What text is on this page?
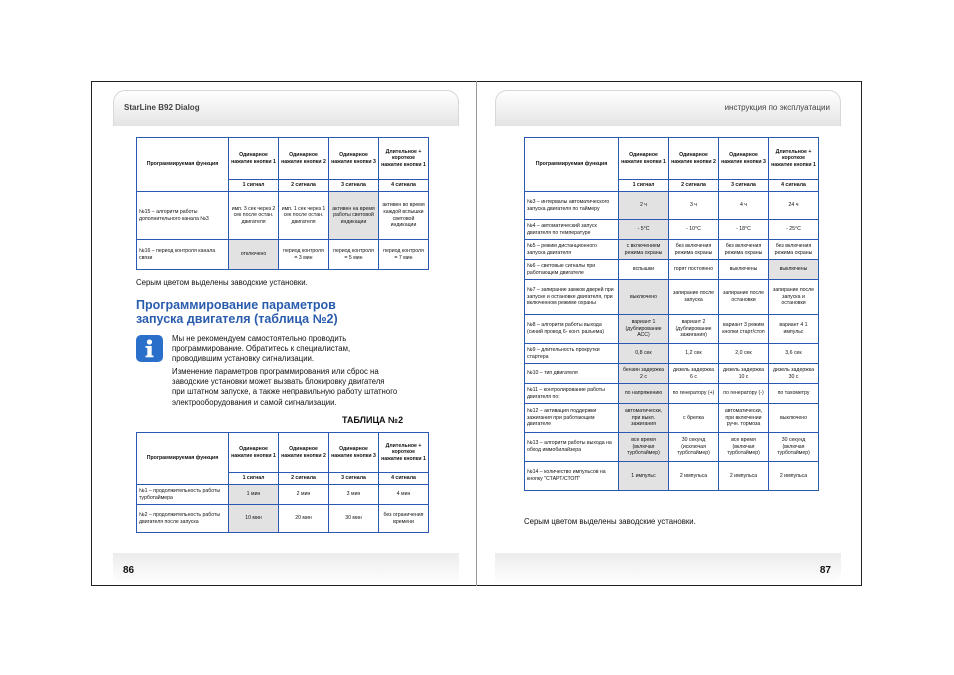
StarLine B92 Dialog	инструкция по эксплуатации
Программируемая функция	Одинарное нажатие кнопки 1	Одинарное нажатие кнопки 2	Одинарное нажатие кнопки 3	Длительное + короткое нажатие кнопки 1
	1 сигнал	2 сигнала	3 сигнала	4 сигнала
№15 – алгоритм работы дополнительного канала №3	имп. 3 сек через 2 сек после остан. двигателя	имп. 1 сек через 1 сек после остан. двигателя	активен на время работы световой индикации	активен во время каждой вспышки световой индикации
№16 – период контроля канала связи	отключено	период контроля = 3 мин	период контроля = 5 мин	период контроля = 7 мин
Серым цветом выделены заводские установки.
Программирование параметров
запуска двигателя (таблица №2)
Мы не рекомендуем самостоятельно проводить
программирование. Обратитесь к специалистам,
проводившим установку сигнализации.
Изменение параметров программирования или сброс на
заводские установки может вызвать блокировку двигателя
при штатном запуске, а также неправильную работу штатного
электрооборудования и самой сигнализации.
ТАБЛИЦА №2
Программируемая функция	Одинарное нажатие кнопки 1	Одинарное нажатие кнопки 2	Одинарное нажатие кнопки 3	Длительное + короткое нажатие кнопки 1
	1 сигнал	2 сигнала	3 сигнала	4 сигнала
№1 – продолжительность работы турботаймера	1 мин	2 мин	3 мин	4 мин
№2 – продолжительность работы двигателя после запуска	10 мин	20 мин	30 мин	без ограничения времени
Программируемая функция	Одинарное нажатие кнопки 1	Одинарное нажатие кнопки 2	Одинарное нажатие кнопки 3	Длительное + короткое нажатие кнопки 1
	1 сигнал	2 сигнала	3 сигнала	4 сигнала
№3 – интервалы автоматического запуска двигателя по таймеру	2 ч	3 ч	4 ч	24 ч
№4 – автоматический запуск двигателя по температуре	- 5°С	- 10°С	- 18°С	- 25°С
№5 – режим дистанционного запуска двигателя	с включением режима охраны	без включения режима охраны	без включения режима охраны	без включения режима охраны
№6 – световые сигналы при работающем двигателе	вспышки	горят постоянно	выключены	выключены
№7 – запирание замков дверей при запуске и остановке двигателя, при включенном режиме охраны	выключено	запирание после запуска	запирание после остановки	запирание после запуска и остановки
№8 – алгоритм работы выхода (синий провод 6- конт. разъема)	вариант 1 (дублирование АСС)	вариант 2 (дублирование зажигания)	вариант 3 режим кнопки старт/стоп	вариант 4 1 импульс
№9 – длительность прокрутки стартера	0,8 сек	1,2 сек	2,0 сек	3,6 сек
№10 – тип двигателя	бензин задержка 2 с	дизель задержка 6 с	дизель задержка 10 с	дизель задержка 30 с
№11 – контролирование работы двигателя по:	по напряжению	по генератору (+)	по генератору (-)	по тахометру
№12 – активация поддержки зажигания при работающем двигателе	автоматически, при выкл. зажигания	с брелка	автоматически, при включении ручн. тормоза	выключено
№13 – алгоритм работы выхода на обход иммобилайзера	все время (включая турботаймер)	30 секунд (исключая турботаймер)	все время (включая турботаймер)	30 секунд (включая турботаймер)
№14 – количество импульсов на кнопку "СТАРТ/СТОП"	1 импульс	2 импульса	2 импульса	2 импульса
Серым цветом выделены заводские установки.
86	87
